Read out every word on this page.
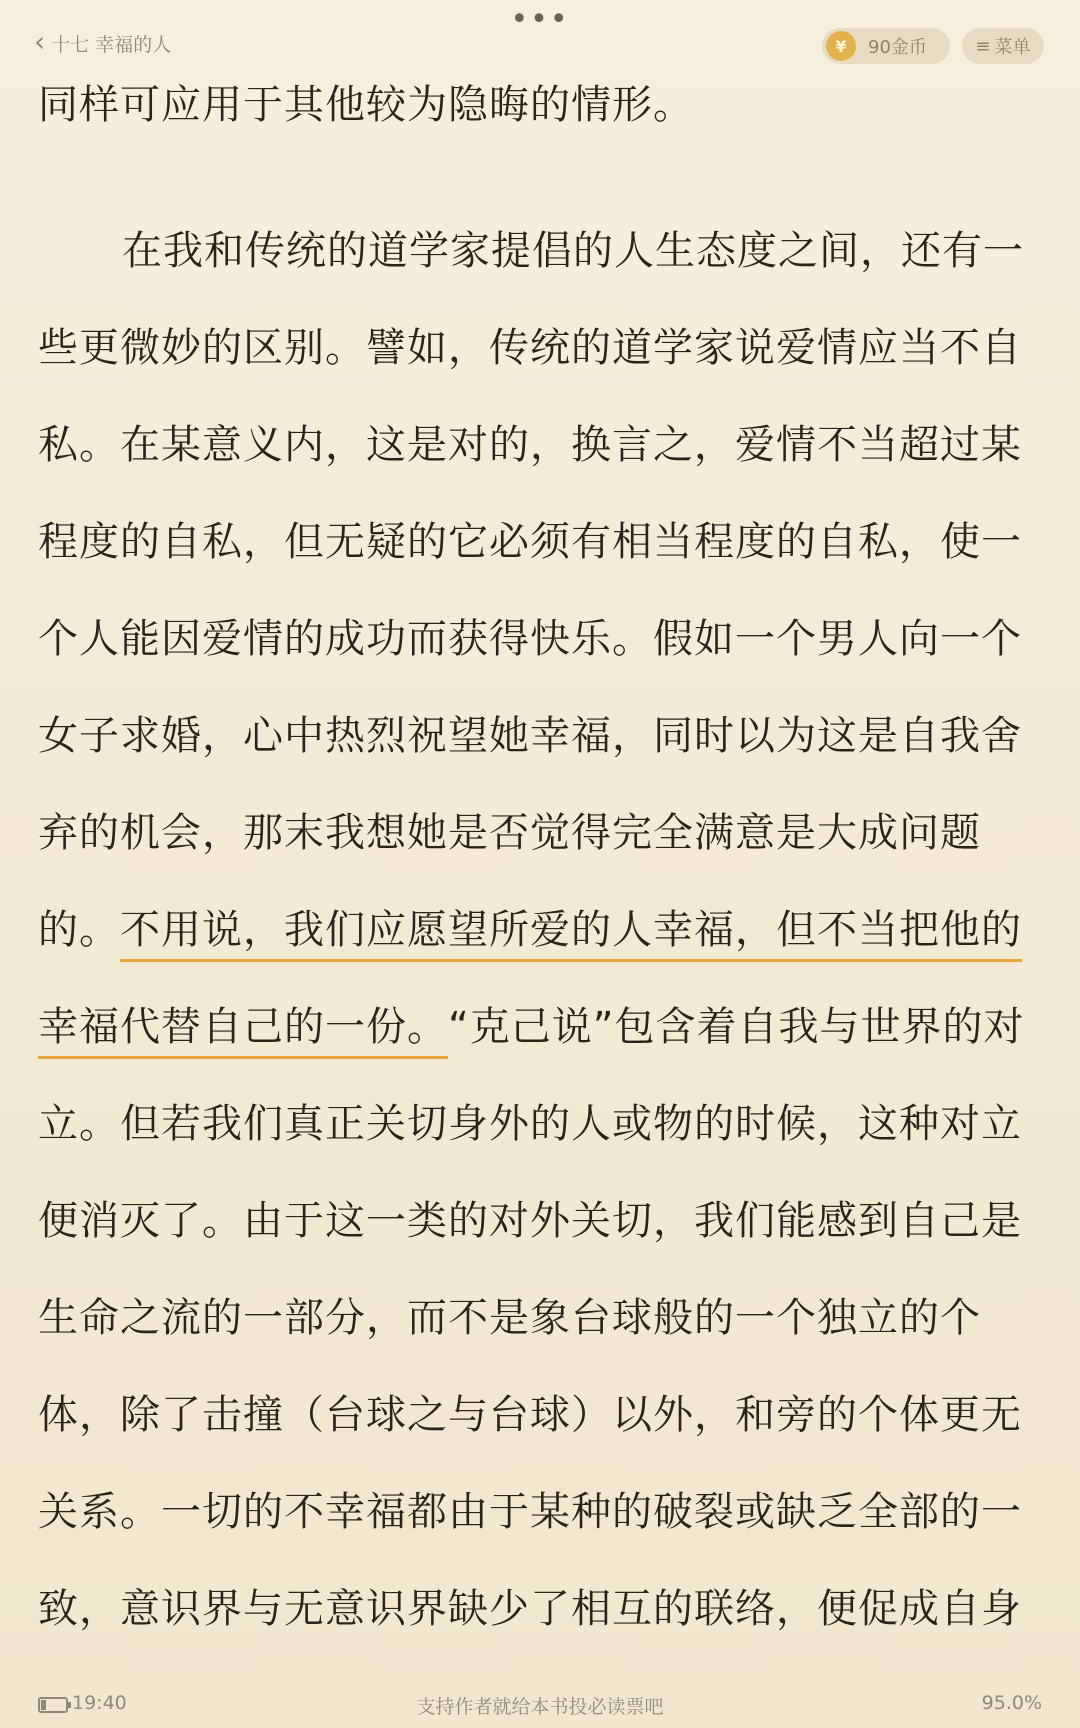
•••
‹ 十七 幸福的人	¥	90金币	≡ 菜单
同样可应用于其他较为隐晦的情形。
在我和传统的道学家提倡的人生态度之间，还有一
些更微妙的区别。譬如，传统的道学家说爱情应当不自
私。在某意义内，这是对的，换言之，爱情不当超过某
程度的自私，但无疑的它必须有相当程度的自私，使一
个人能因爱情的成功而获得快乐。假如一个男人向一个
女子求婚，心中热烈祝望她幸福，同时以为这是自我舍
弃的机会，那末我想她是否觉得完全满意是大成问题
的。不用说，我们应愿望所爱的人幸福，但不当把他的
幸福代替自己的一份。“克己说”包含着自我与世界的对
立。但若我们真正关切身外的人或物的时候，这种对立
便消灭了。由于这一类的对外关切，我们能感到自己是
生命之流的一部分，而不是象台球般的一个独立的个
体，除了击撞（台球之与台球）以外，和旁的个体更无
关系。一切的不幸福都由于某种的破裂或缺乏全部的一
致，意识界与无意识界缺少了相互的联络，便促成自身
19:40	支持作者就给本书投必读票吧	95.0%
